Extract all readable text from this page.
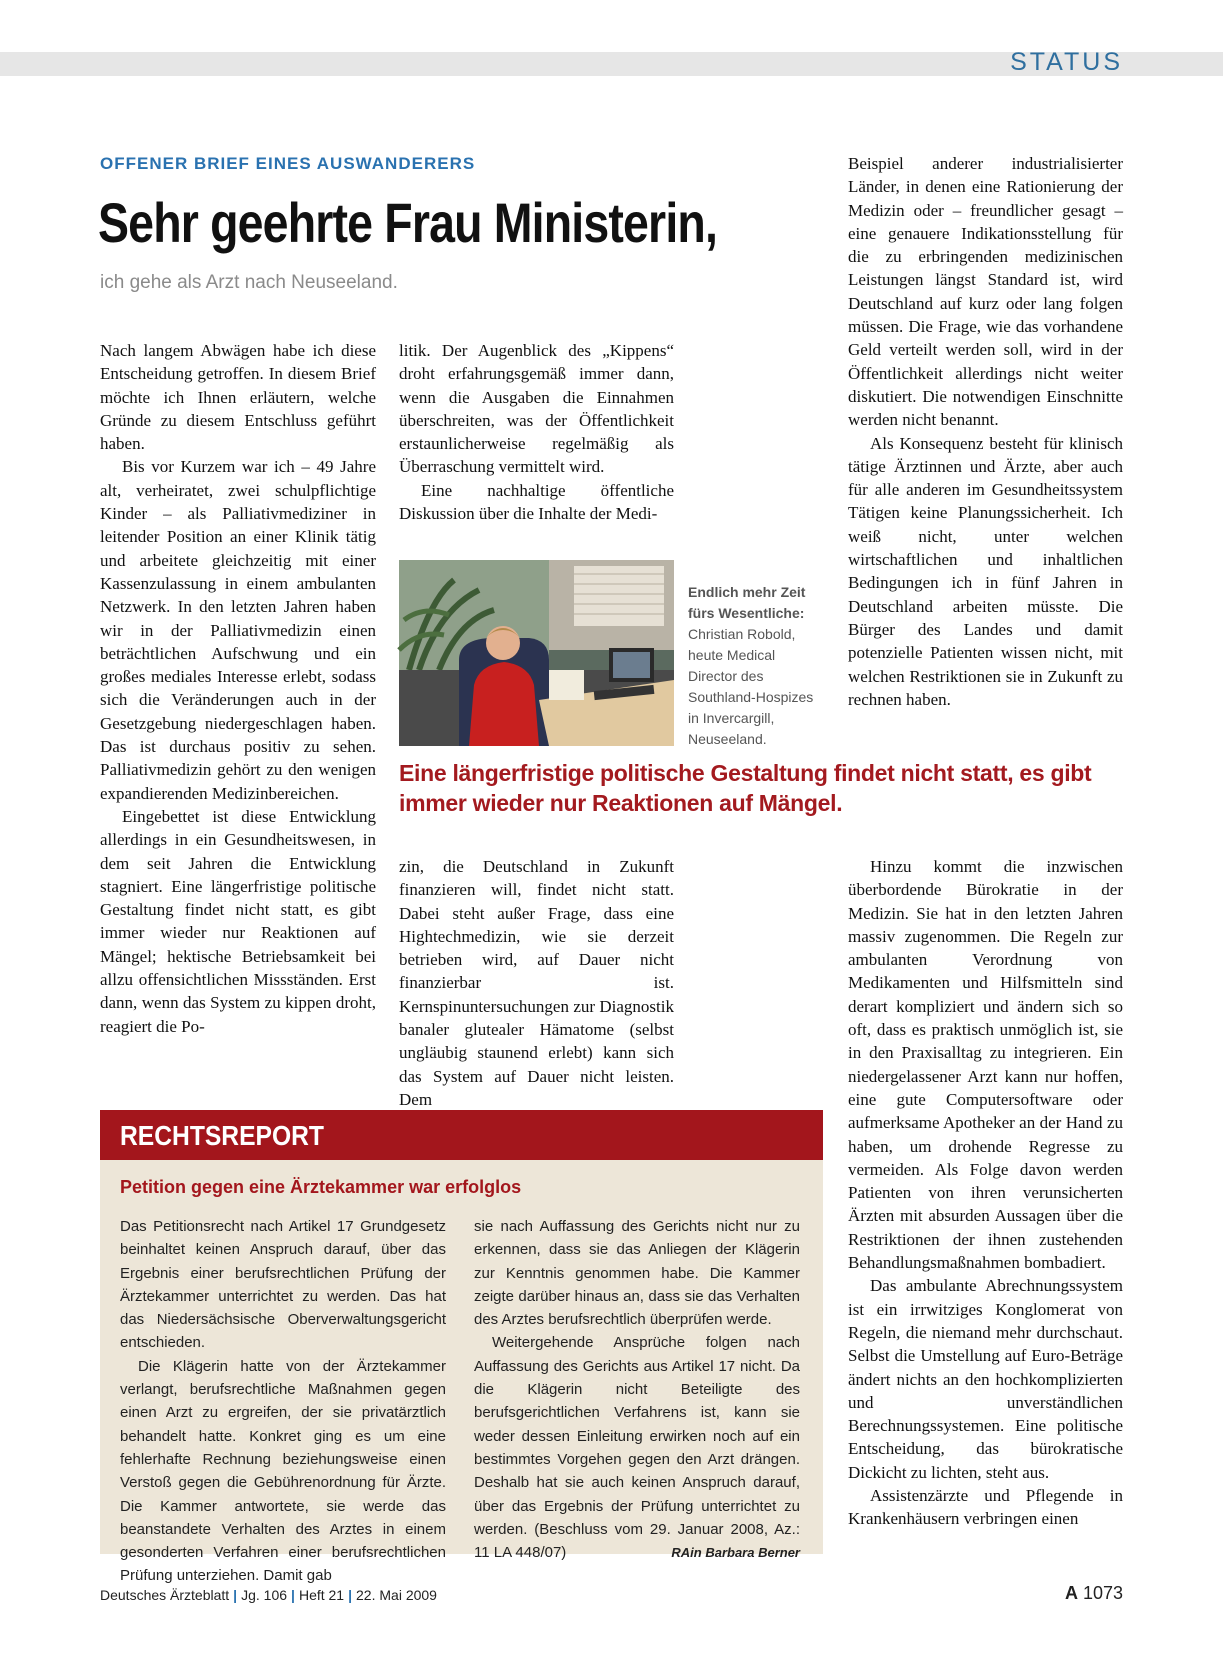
STATUS
OFFENER BRIEF EINES AUSWANDERERS
Sehr geehrte Frau Ministerin,
ich gehe als Arzt nach Neuseeland.

Nach langem Abwägen habe ich diese Entscheidung getroffen. In diesem Brief möchte ich Ihnen erläutern, welche Gründe zu diesem Entschluss geführt haben.

Bis vor Kurzem war ich – 49 Jahre alt, verheiratet, zwei schulpflichtige Kinder – als Palliativmediziner in leitender Position an einer Klinik tätig und arbeitete gleichzeitig mit einer Kassenzulassung in einem ambulanten Netzwerk. In den letzten Jahren haben wir in der Palliativmedizin einen beträchtlichen Aufschwung und ein großes mediales Interesse erlebt, sodass sich die Veränderungen auch in der Gesetzgebung niedergeschlagen haben. Das ist durchaus positiv zu sehen. Palliativmedizin gehört zu den wenigen expandierenden Medizinbereichen.

Eingebettet ist diese Entwicklung allerdings in ein Gesundheitswesen, in dem seit Jahren die Entwicklung stagniert. Eine längerfristige politische Gestaltung findet nicht statt, es gibt immer wieder nur Reaktionen auf Mängel; hektische Betriebsamkeit bei allzu offensichtlichen Missständen. Erst dann, wenn das System zu kippen droht, reagiert die Po-

litik. Der Augenblick des „Kippens“ droht erfahrungsgemäß immer dann, wenn die Ausgaben die Einnahmen überschreiten, was der Öffentlichkeit erstaunlicherweise regelmäßig als Überraschung vermittelt wird.

Eine nachhaltige öffentliche Diskussion über die Inhalte der Medi-

Beispiel anderer industrialisierter Länder, in denen eine Rationierung der Medizin oder – freundlicher gesagt – eine genauere Indikationsstellung für die zu erbringenden medizinischen Leistungen längst Standard ist, wird Deutschland auf kurz oder lang folgen müssen. Die Frage, wie das vorhandene Geld verteilt werden soll, wird in der Öffentlichkeit allerdings nicht weiter diskutiert. Die notwendigen Einschnitte werden nicht benannt.

Als Konsequenz besteht für klinisch tätige Ärztinnen und Ärzte, aber auch für alle anderen im Gesundheitssystem Tätigen keine Planungssicherheit. Ich weiß nicht, unter welchen wirtschaftlichen und inhaltlichen Bedingungen ich in fünf Jahren in Deutschland arbeiten müsste. Die Bürger des Landes und damit potenzielle Patienten wissen nicht, mit welchen Restriktionen sie in Zukunft zu rechnen haben.

Endlich mehr Zeit fürs Wesentliche:
Christian Robold, heute Medical Director des Southland-Hospizes in Invercargill, Neuseeland.
Eine längerfristige politische Gestaltung findet nicht statt, es gibt immer wieder nur Reaktionen auf Mängel.

zin, die Deutschland in Zukunft finanzieren will, findet nicht statt. Dabei steht außer Frage, dass eine Hightechmedizin, wie sie derzeit betrieben wird, auf Dauer nicht finanzierbar ist. Kernspinuntersuchungen zur Diagnostik banaler glutealer Hämatome (selbst ungläubig staunend erlebt) kann sich das System auf Dauer nicht leisten. Dem

Hinzu kommt die inzwischen überbordende Bürokratie in der Medizin. Sie hat in den letzten Jahren massiv zugenommen. Die Regeln zur ambulanten Verordnung von Medikamenten und Hilfsmitteln sind derart kompliziert und ändern sich so oft, dass es praktisch unmöglich ist, sie in den Praxisalltag zu integrieren. Ein niedergelassener Arzt kann nur hoffen, eine gute Computersoftware oder aufmerksame Apotheker an der Hand zu haben, um drohende Regresse zu vermeiden. Als Folge davon werden Patienten von ihren verunsicherten Ärzten mit absurden Aussagen über die Restriktionen der ihnen zustehenden Behandlungsmaßnahmen bombadiert.

Das ambulante Abrechnungssystem ist ein irrwitziges Konglomerat von Regeln, die niemand mehr durchschaut. Selbst die Umstellung auf Euro-Beträge ändert nichts an den hochkomplizierten und unverständlichen Berechnungssystemen. Eine politische Entscheidung, das bürokratische Dickicht zu lichten, steht aus.

Assistenzärzte und Pflegende in Krankenhäusern verbringen einen

RECHTSREPORT
Petition gegen eine Ärztekammer war erfolglos

Das Petitionsrecht nach Artikel 17 Grundgesetz beinhaltet keinen Anspruch darauf, über das Ergebnis einer berufsrechtlichen Prüfung der Ärztekammer unterrichtet zu werden. Das hat das Niedersächsische Oberverwaltungsgericht entschieden.

Die Klägerin hatte von der Ärztekammer verlangt, berufsrechtliche Maßnahmen gegen einen Arzt zu ergreifen, der sie privatärztlich behandelt hatte. Konkret ging es um eine fehlerhafte Rechnung beziehungsweise einen Verstoß gegen die Gebührenordnung für Ärzte. Die Kammer antwortete, sie werde das beanstandete Verhalten des Arztes in einem gesonderten Verfahren einer berufsrechtlichen Prüfung unterziehen. Damit gab

sie nach Auffassung des Gerichts nicht nur zu erkennen, dass sie das Anliegen der Klägerin zur Kenntnis genommen habe. Die Kammer zeigte darüber hinaus an, dass sie das Verhalten des Arztes berufsrechtlich überprüfen werde.

Weitergehende Ansprüche folgen nach Auffassung des Gerichts aus Artikel 17 nicht. Da die Klägerin nicht Beteiligte des berufsgerichtlichen Verfahrens ist, kann sie weder dessen Einleitung erwirken noch auf ein bestimmtes Vorgehen gegen den Arzt drängen. Deshalb hat sie auch keinen Anspruch darauf, über das Ergebnis der Prüfung unterrichtet zu werden. (Beschluss vom 29. Januar 2008, Az.: 11 LA 448/07)	RAin Barbara Berner

Deutsches Ärzteblatt | Jg. 106 | Heft 21 | 22. Mai 2009	A 1073
